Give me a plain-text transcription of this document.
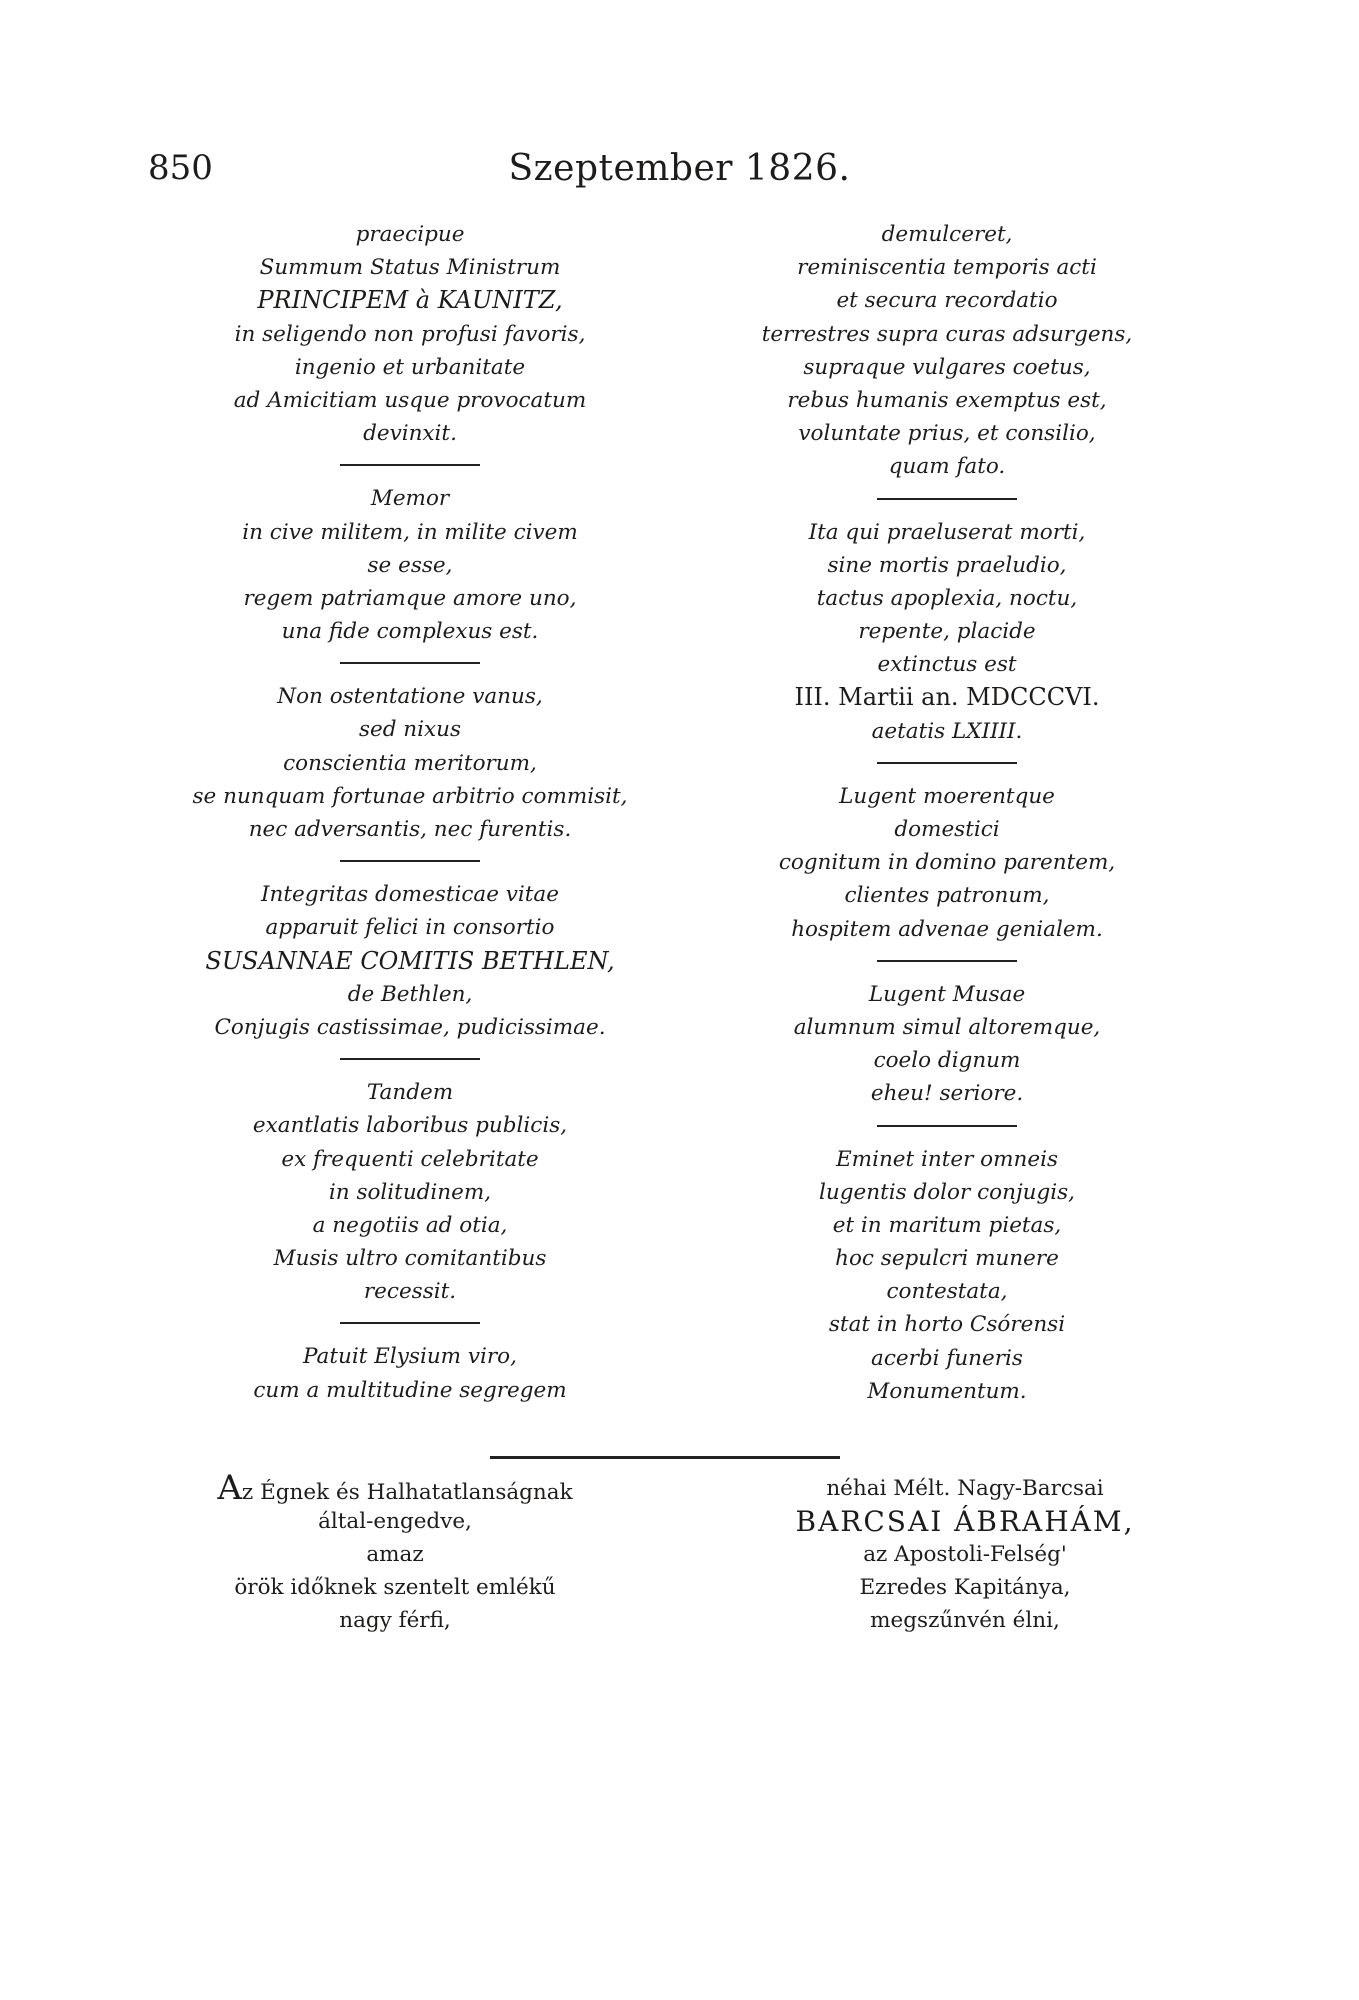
850	Szeptember 1826.
praecipue
Summum Status Ministrum
PRINCIPEM à KAUNITZ,
in seligendo non profusi favoris,
ingenio et urbanitate
ad Amicitiam usque provocatum
devinxit.
Memor
in cive militem, in milite civem
se esse,
regem patriamque amore uno,
una fide complexus est.
Non ostentatione vanus,
sed nixus
conscientia meritorum,
se nunquam fortunae arbitrio commisit,
nec adversantis, nec furentis.
Integritas domesticae vitae
apparuit felici in consortio
SUSANNAE COMITIS BETHLEN,
de Bethlen,
Conjugis castissimae, pudicissimae.
Tandem
exantlatis laboribus publicis,
ex frequenti celebritate
in solitudinem,
a negotiis ad otia,
Musis ultro comitantibus
recessit.
Patuit Elysium viro,
cum a multitudine segregem
demulceret,
reminiscentia temporis acti
et secura recordatio
terrestres supra curas adsurgens,
supraque vulgares coetus,
rebus humanis exemptus est,
voluntate prius, et consilio,
quam fato.
Ita qui praeluserat morti,
sine mortis praeludio,
tactus apoplexia, noctu,
repente, placide
extinctus est
III. Martii an. MDCCCVI.
aetatis LXIIII.
Lugent moerentque
domestici
cognitum in domino parentem,
clientes patronum,
hospitem advenae genialem.
Lugent Musae
alumnum simul altoremque,
coelo dignum
eheu! seriore.
Eminet inter omneis
lugentis dolor conjugis,
et in maritum pietas,
hoc sepulcri munere
contestata,
stat in horto Csórensi
acerbi funeris
Monumentum.
Az Égnek és Halhatatlanságnak
által-engedve,
amaz
örök időknek szentelt emlékű
nagy férfi,
néhai Mélt. Nagy-Barcsai
BARCSAI ÁBRAHÁM,
az Apostoli-Felség'
Ezredes Kapitánya,
megszűnvén élni,
